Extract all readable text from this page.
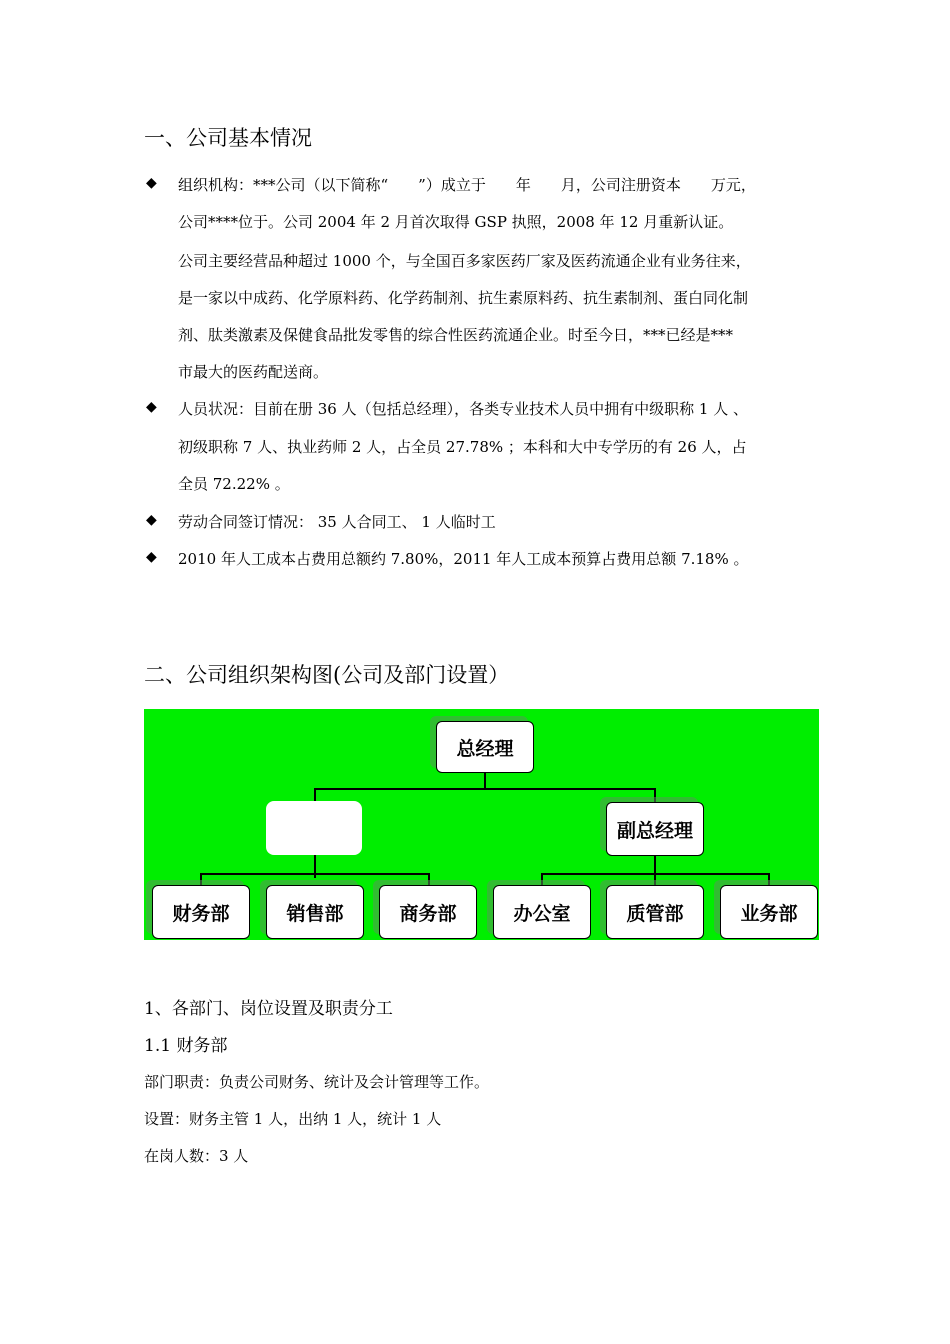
一、公司基本情况
◆ 组织机构：***公司（以下简称“　　”）成立于　　年　　月，公司注册资本　　万元，
公司****位于。公司 2004 年 2 月首次取得 GSP 执照，2008 年 12 月重新认证。
公司主要经营品种超过 1000 个，与全国百多家医药厂家及医药流通企业有业务往来，
是一家以中成药、化学原料药、化学药制剂、抗生素原料药、抗生素制剂、蛋白同化制
剂、肽类激素及保健食品批发零售的综合性医药流通企业。时至今日，***已经是***
市最大的医药配送商。
◆ 人员状况：目前在册 36 人（包括总经理），各类专业技术人员中拥有中级职称 1 人 、
初级职称 7 人、执业药师 2 人，占全员 27.78% ；本科和大中专学历的有 26 人，占
全员 72.22% 。
◆ 劳动合同签订情况： 35 人合同工、 1 人临时工
◆ 2010 年人工成本占费用总额约 7.80%，2011 年人工成本预算占费用总额 7.18% 。
二、公司组织架构图(公司及部门设置）
总经理
副总经理
财务部	销售部	商务部	办公室	质管部	业务部
1、各部门、岗位设置及职责分工
1.1 财务部
部门职责：负责公司财务、统计及会计管理等工作。
设置：财务主管 1 人，出纳 1 人，统计 1 人
在岗人数：3 人
